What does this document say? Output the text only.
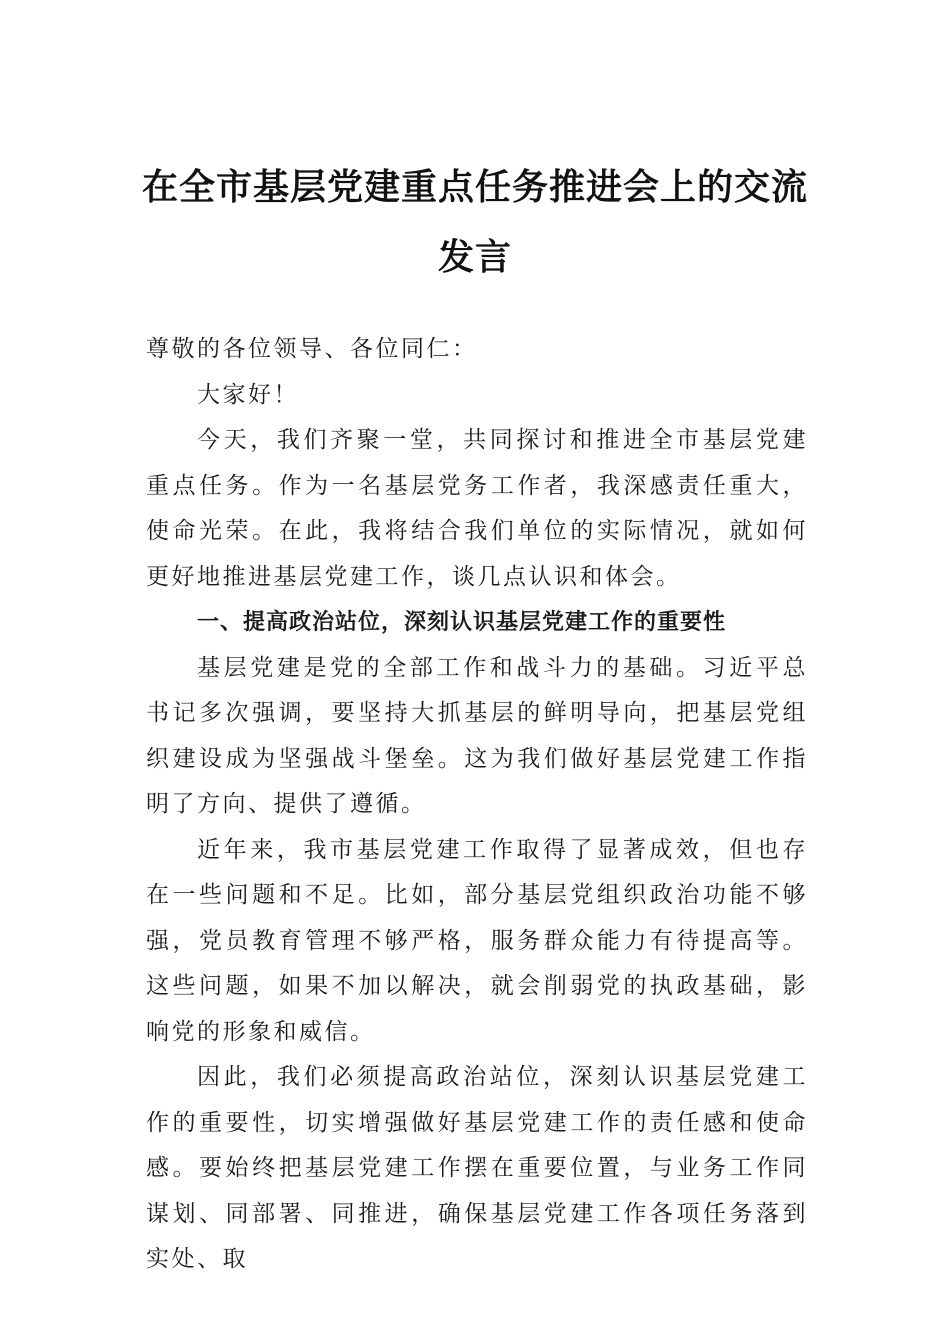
在全市基层党建重点任务推进会上的交流
发言

尊敬的各位领导、各位同仁：

大家好！

今天，我们齐聚一堂，共同探讨和推进全市基层党建重点任务。作为一名基层党务工作者，我深感责任重大，使命光荣。在此，我将结合我们单位的实际情况，就如何更好地推进基层党建工作，谈几点认识和体会。

一、提高政治站位，深刻认识基层党建工作的重要性

基层党建是党的全部工作和战斗力的基础。习近平总书记多次强调，要坚持大抓基层的鲜明导向，把基层党组织建设成为坚强战斗堡垒。这为我们做好基层党建工作指明了方向、提供了遵循。

近年来，我市基层党建工作取得了显著成效，但也存在一些问题和不足。比如，部分基层党组织政治功能不够强，党员教育管理不够严格，服务群众能力有待提高等。这些问题，如果不加以解决，就会削弱党的执政基础，影响党的形象和威信。

因此，我们必须提高政治站位，深刻认识基层党建工作的重要性，切实增强做好基层党建工作的责任感和使命感。要始终把基层党建工作摆在重要位置，与业务工作同谋划、同部署、同推进，确保基层党建工作各项任务落到实处、取
